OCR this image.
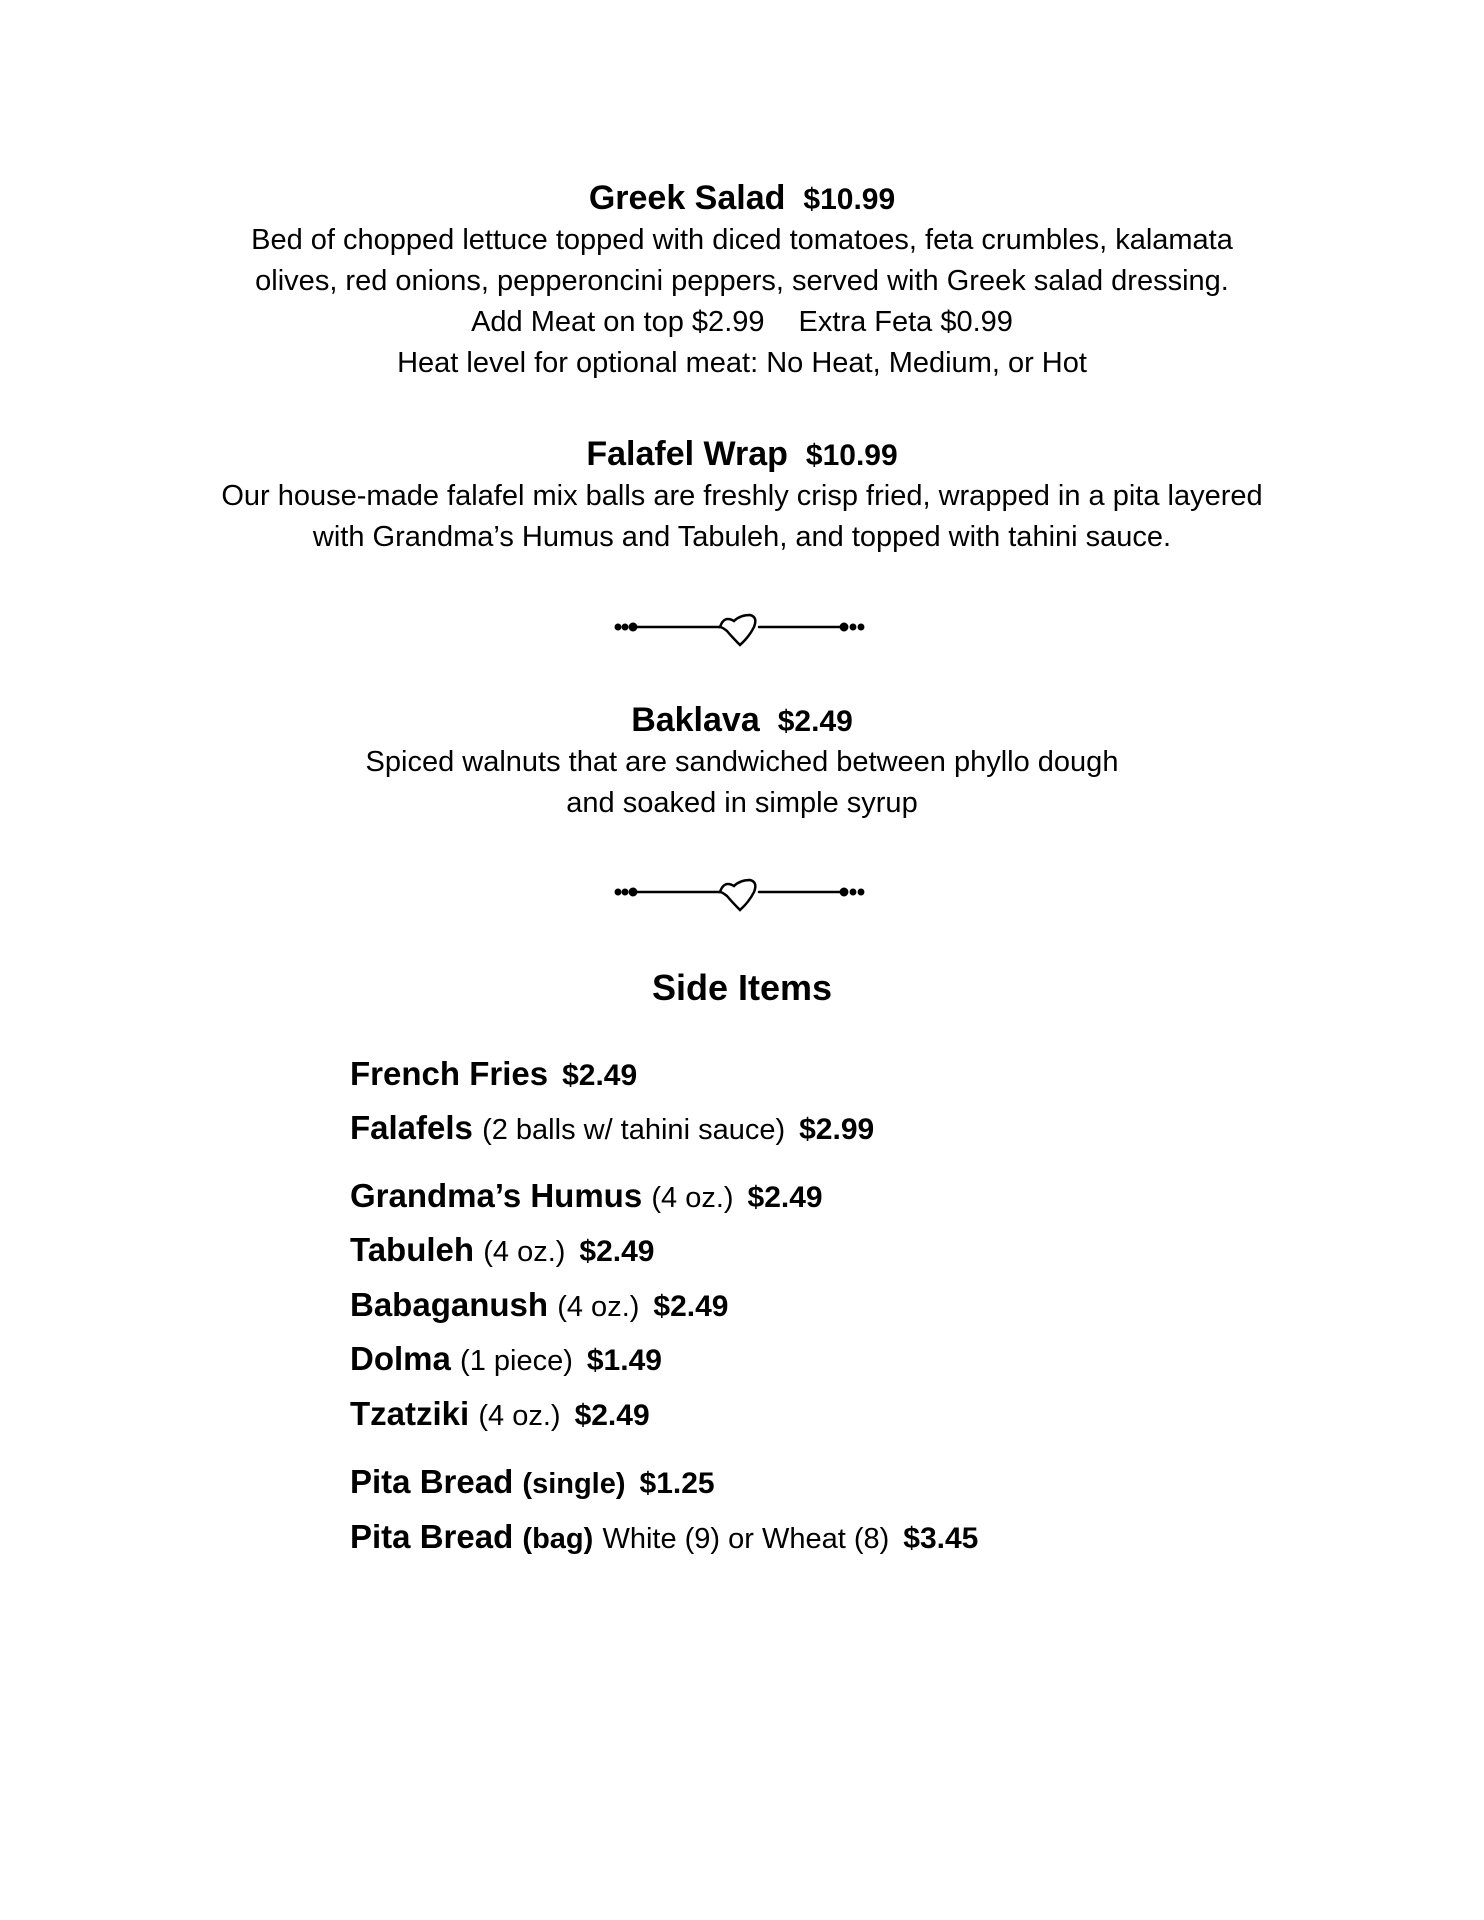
Greek Salad $10.99
Bed of chopped lettuce topped with diced tomatoes, feta crumbles, kalamata
olives, red onions, pepperoncini peppers, served with Greek salad dressing.
Add Meat on top $2.99 Extra Feta $0.99
Heat level for optional meat: No Heat, Medium, or Hot
Falafel Wrap $10.99
Our house-made falafel mix balls are freshly crisp fried, wrapped in a pita layered
with Grandma’s Humus and Tabuleh, and topped with tahini sauce.
Baklava $2.49
Spiced walnuts that are sandwiched between phyllo dough
and soaked in simple syrup
Side Items
French Fries $2.49
Falafels (2 balls w/ tahini sauce) $2.99
Grandma’s Humus (4 oz.) $2.49
Tabuleh (4 oz.) $2.49
Babaganush (4 oz.) $2.49
Dolma (1 piece) $1.49
Tzatziki (4 oz.) $2.49
Pita Bread (single) $1.25
Pita Bread (bag) White (9) or Wheat (8) $3.45
